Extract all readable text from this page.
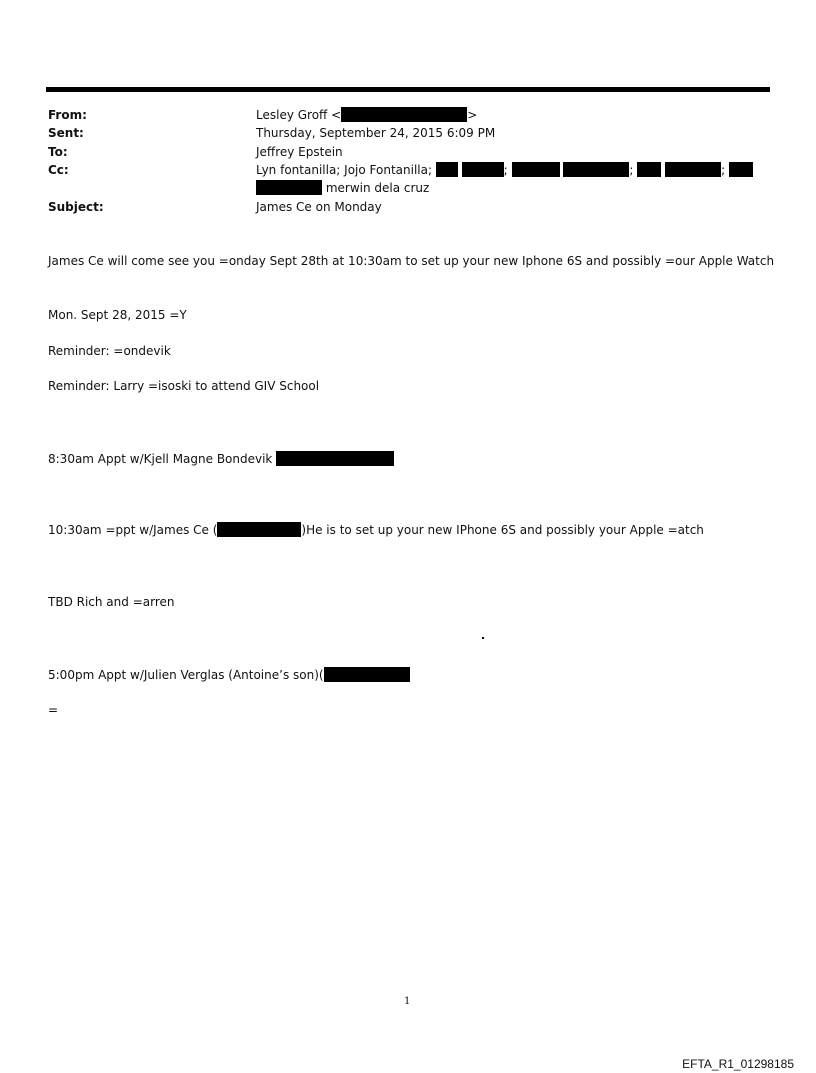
From:	Lesley Groff <	>
Sent:	Thursday, September 24, 2015 6:09 PM
To:	Jeffrey Epstein
Cc:	Lyn fontanilla; Jojo Fontanilla;	;	;	;
merwin dela cruz
Subject:	James Ce on Monday
James Ce will come see you =onday Sept 28th at 10:30am to set up your new Iphone 6S and possibly =our Apple Watch
Mon. Sept 28, 2015 =Y
Reminder: =ondevik
Reminder: Larry =isoski to attend GIV School
8:30am Appt w/Kjell Magne Bondevik
10:30am =ppt w/James Ce (	)He is to set up your new IPhone 6S and possibly your Apple =atch
TBD Rich and =arren
5:00pm Appt w/Julien Verglas (Antoine’s son)(
=
1
EFTA_R1_01298185
